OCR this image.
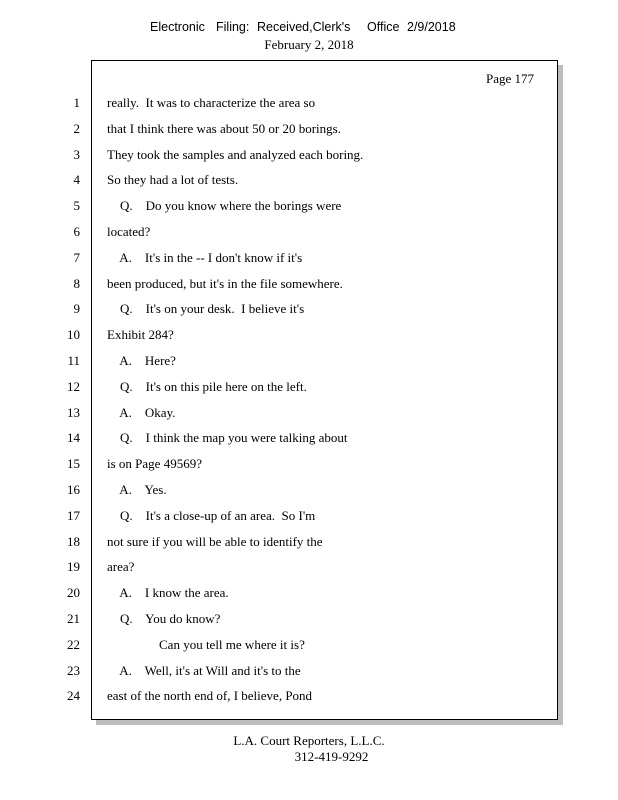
Electronic Filing: Received,Clerk's Office 2/9/2018
February 2, 2018
Page 177
1 really.  It was to characterize the area so
2 that I think there was about 50 or 20 borings.
3 They took the samples and analyzed each boring.
4 So they had a lot of tests.
5 Q.    Do you know where the borings were
6 located?
7 A.    It's in the -- I don't know if it's
8 been produced, but it's in the file somewhere.
9 Q.    It's on your desk.  I believe it's
10 Exhibit 284?
11 A.    Here?
12 Q.    It's on this pile here on the left.
13 A.    Okay.
14 Q.    I think the map you were talking about
15 is on Page 49569?
16 A.    Yes.
17 Q.    It's a close-up of an area.  So I'm
18 not sure if you will be able to identify the
19 area?
20 A.    I know the area.
21 Q.    You do know?
22 Can you tell me where it is?
23 A.    Well, it's at Will and it's to the
24 east of the north end of, I believe, Pond
L.A. Court Reporters, L.L.C.
312-419-9292
